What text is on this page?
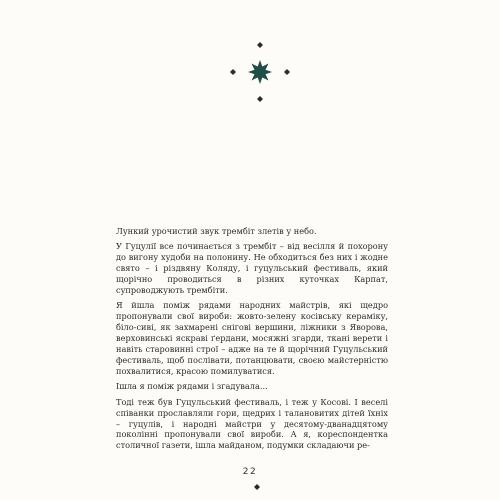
Лункий урочистий звук трембіт злетів у небо.

У Гуцулії все починається з трембіт – від весілля й похорону до вигону худоби на полонину. Не обходиться без них і жодне свято – і різдвяну Коляду, і гуцульський фестиваль, який щорічно проводиться в різних куточках Карпат, супроводжують трембіти.

Я йшла поміж рядами народних майстрів, які щедро пропонували свої вироби: жовто-зелену косівську кераміку, біло-сиві, як захмарені снігові вершини, ліжники з Яворова, верховинські яскраві ґердани, мосяжні згарди, ткані верети і навіть старовинні строї – адже на те й щорічний Гуцульський фестиваль, щоб послівати, потанцювати, своєю майстерністю похвалитися, красою помилуватися.

Ішла я поміж рядами і згадувала...

Тоді теж був Гуцульський фестиваль, і теж у Косові. І веселі співанки прославляли гори, щедрих і талановитих дітей їхніх – гуцулів, і народні майстри у десятому-дванадцятому поколінні пропонували свої вироби. А я, кореспондентка столичної газети, ішла майданом, подумки складаючи ре-

22
